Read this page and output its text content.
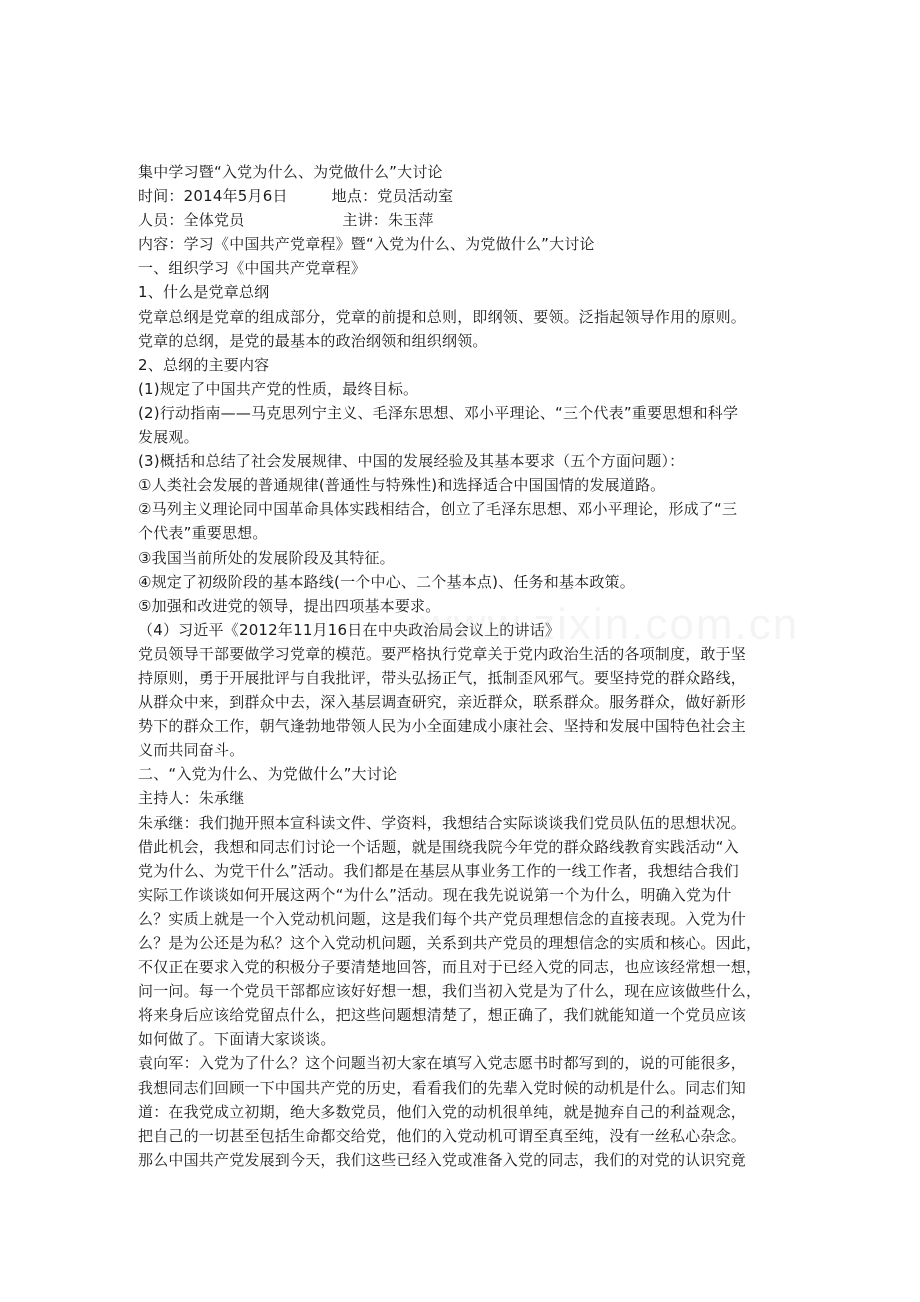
集中学习暨“入党为什么、为党做什么”大讨论
时间：2014年5月6日	地点：党员活动室
人员：全体党员	主讲：朱玉萍
内容：学习《中国共产党章程》暨“入党为什么、为党做什么”大讨论
一、组织学习《中国共产党章程》
1、什么是党章总纲
党章总纲是党章的组成部分，党章的前提和总则，即纲领、要领。泛指起领导作用的原则。
党章的总纲，是党的最基本的政治纲领和组织纲领。
2、总纲的主要内容
(1)规定了中国共产党的性质，最终目标。
(2)行动指南——马克思列宁主义、毛泽东思想、邓小平理论、“三个代表”重要思想和科学
发展观。
(3)概括和总结了社会发展规律、中国的发展经验及其基本要求（五个方面问题）：
①人类社会发展的普通规律(普通性与特殊性)和选择适合中国国情的发展道路。
②马列主义理论同中国革命具体实践相结合，创立了毛泽东思想、邓小平理论，形成了“三
个代表”重要思想。
③我国当前所处的发展阶段及其特征。
④规定了初级阶段的基本路线(一个中心、二个基本点)、任务和基本政策。
⑤加强和改进党的领导，提出四项基本要求。
（4）习近平《2012年11月16日在中央政治局会议上的讲话》
党员领导干部要做学习党章的模范。要严格执行党章关于党内政治生活的各项制度，敢于坚
持原则，勇于开展批评与自我批评，带头弘扬正气，抵制歪风邪气。要坚持党的群众路线，
从群众中来，到群众中去，深入基层调查研究，亲近群众，联系群众。服务群众，做好新形
势下的群众工作，朝气逢勃地带领人民为小全面建成小康社会、坚持和发展中国特色社会主
义而共同奋斗。
二、“入党为什么、为党做什么”大讨论
主持人：朱承继
朱承继：我们抛开照本宣科读文件、学资料，我想结合实际谈谈我们党员队伍的思想状况。
借此机会，我想和同志们讨论一个话题，就是围绕我院今年党的群众路线教育实践活动“入
党为什么、为党干什么”活动。我们都是在基层从事业务工作的一线工作者，我想结合我们
实际工作谈谈如何开展这两个“为什么”活动。现在我先说说第一个为什么，明确入党为什
么？实质上就是一个入党动机问题，这是我们每个共产党员理想信念的直接表现。入党为什
么？是为公还是为私？这个入党动机问题，关系到共产党员的理想信念的实质和核心。因此，
不仅正在要求入党的积极分子要清楚地回答，而且对于已经入党的同志，也应该经常想一想，
问一问。每一个党员干部都应该好好想一想，我们当初入党是为了什么，现在应该做些什么，
将来身后应该给党留点什么，把这些问题想清楚了，想正确了，我们就能知道一个党员应该
如何做了。下面请大家谈谈。
袁向军：入党为了什么？这个问题当初大家在填写入党志愿书时都写到的，说的可能很多，
我想同志们回顾一下中国共产党的历史，看看我们的先辈入党时候的动机是什么。同志们知
道：在我党成立初期，绝大多数党员，他们入党的动机很单纯，就是抛弃自己的利益观念，
把自己的一切甚至包括生命都交给党，他们的入党动机可谓至真至纯，没有一丝私心杂念。
那么中国共产党发展到今天，我们这些已经入党或准备入党的同志，我们的对党的认识究竟
